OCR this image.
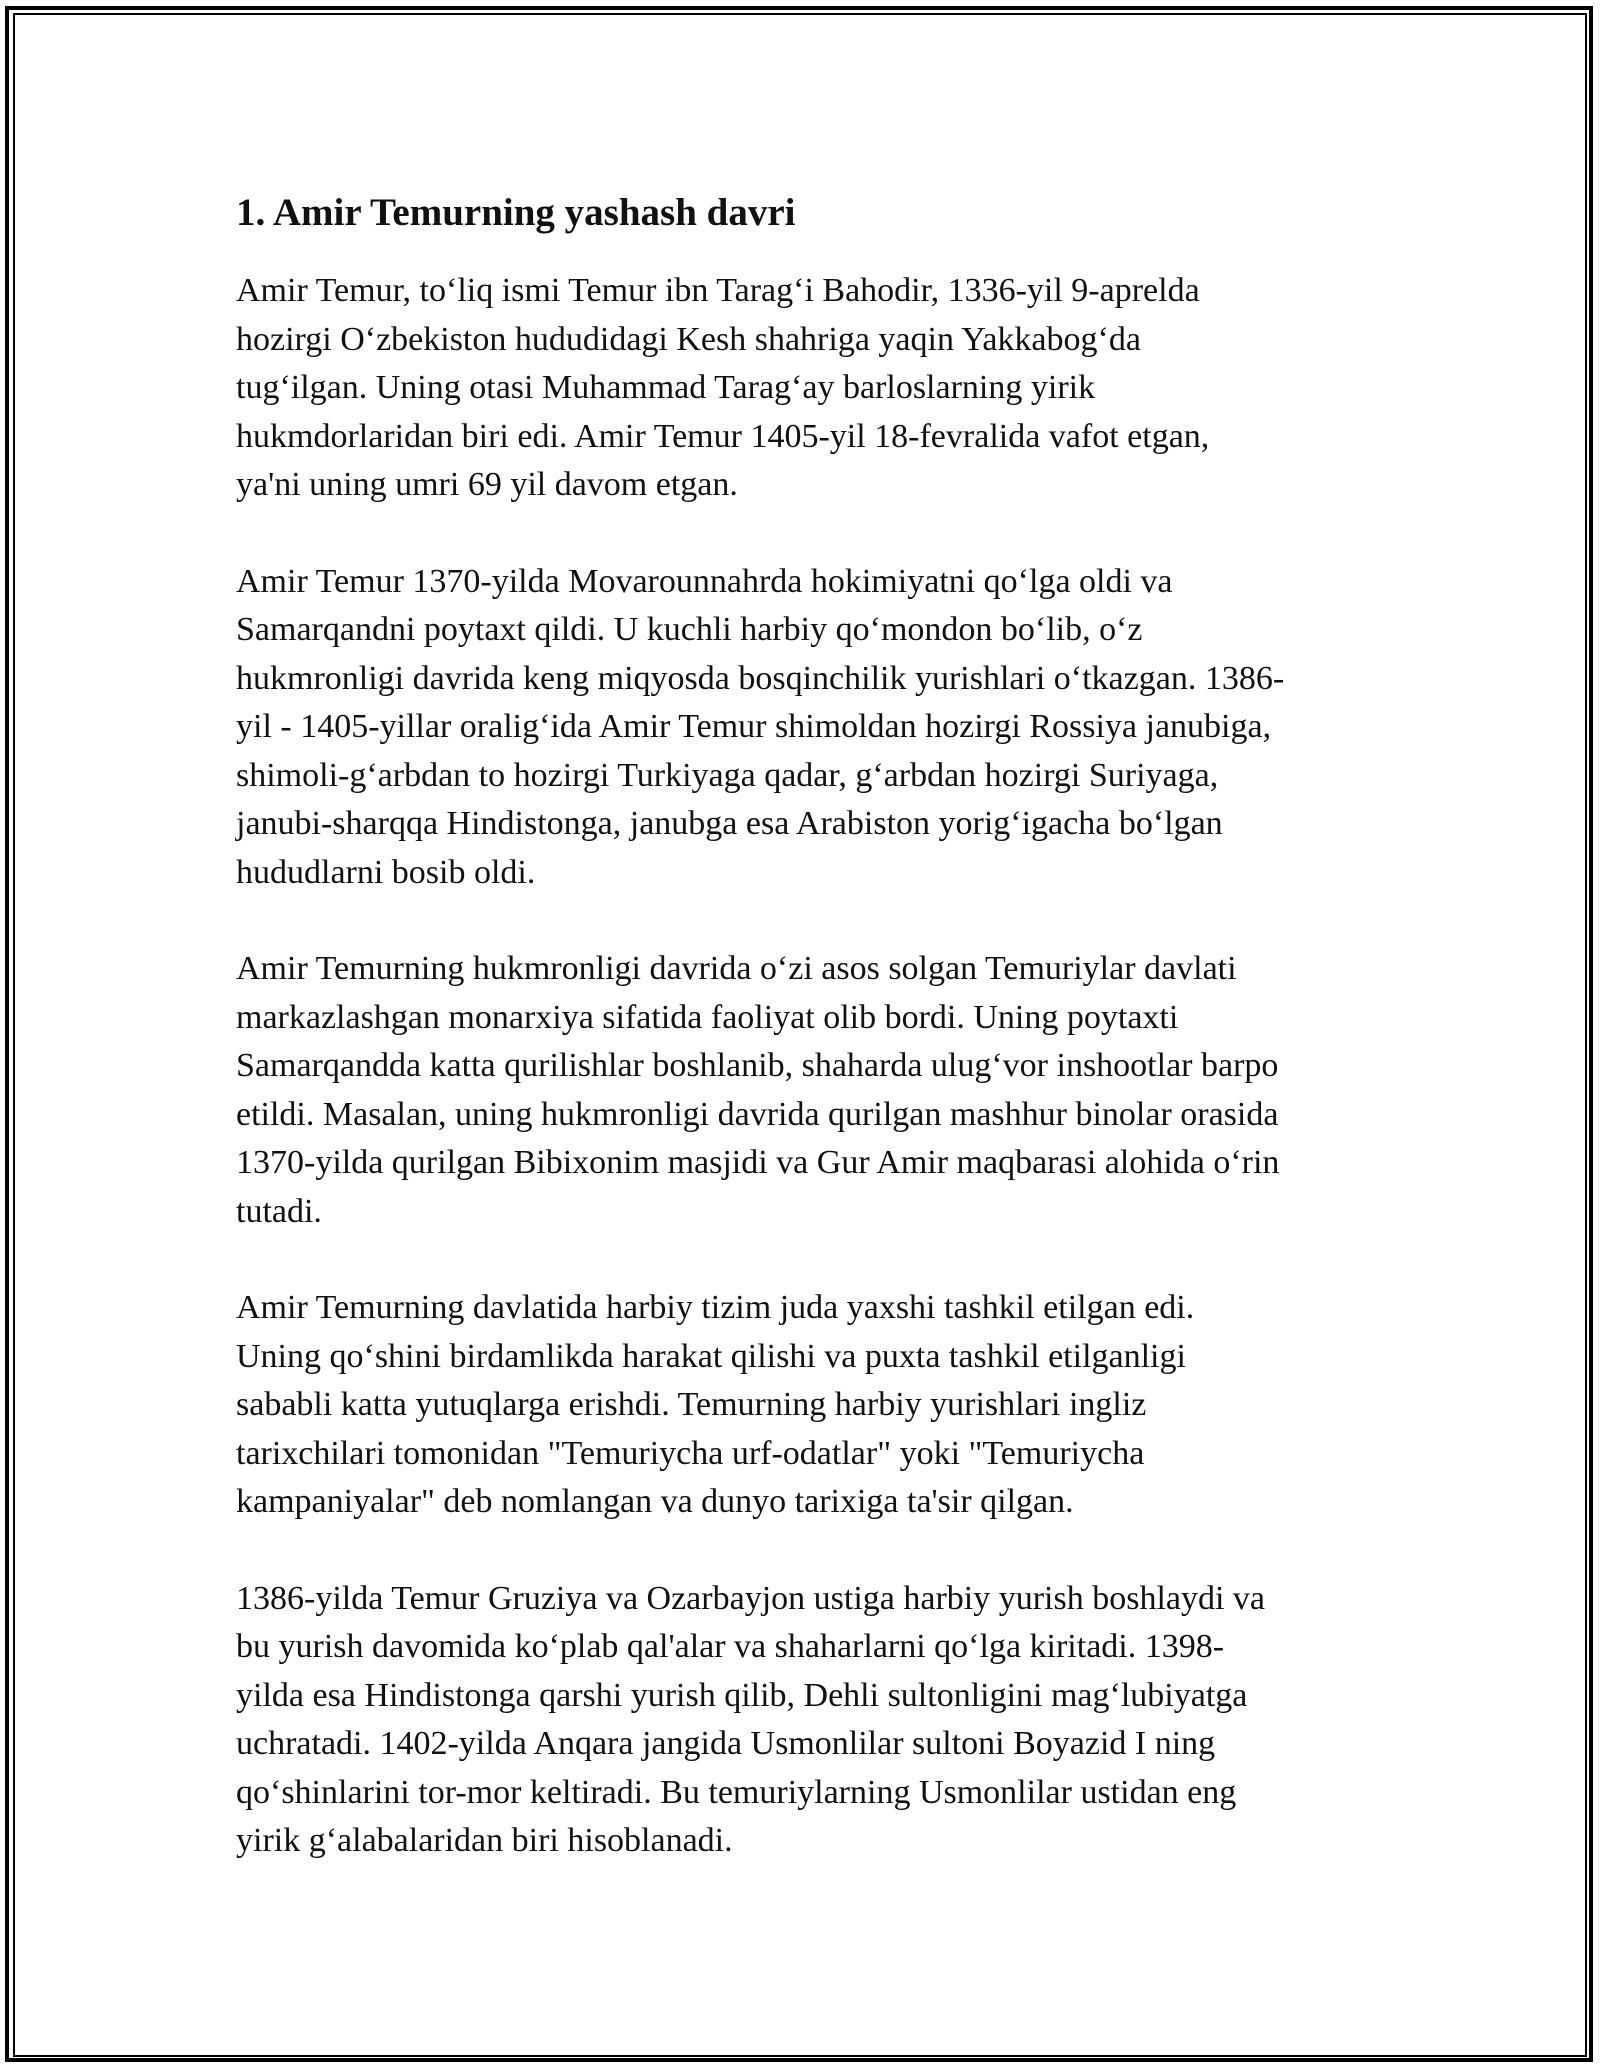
1. Amir Temurning yashash davri

Amir Temur, to‘liq ismi Temur ibn Tarag‘i Bahodir, 1336-yil 9-aprelda
hozirgi O‘zbekiston hududidagi Kesh shahriga yaqin Yakkabog‘da
tug‘ilgan. Uning otasi Muhammad Tarag‘ay barloslarning yirik
hukmdorlaridan biri edi. Amir Temur 1405-yil 18-fevralida vafot etgan,
ya'ni uning umri 69 yil davom etgan.

Amir Temur 1370-yilda Movarounnahrda hokimiyatni qo‘lga oldi va
Samarqandni poytaxt qildi. U kuchli harbiy qo‘mondon bo‘lib, o‘z
hukmronligi davrida keng miqyosda bosqinchilik yurishlari o‘tkazgan. 1386-
yil - 1405-yillar oralig‘ida Amir Temur shimoldan hozirgi Rossiya janubiga,
shimoli-g‘arbdan to hozirgi Turkiyaga qadar, g‘arbdan hozirgi Suriyaga,
janubi-sharqqa Hindistonga, janubga esa Arabiston yorig‘igacha bo‘lgan
hududlarni bosib oldi.

Amir Temurning hukmronligi davrida o‘zi asos solgan Temuriylar davlati
markazlashgan monarxiya sifatida faoliyat olib bordi. Uning poytaxti
Samarqandda katta qurilishlar boshlanib, shaharda ulug‘vor inshootlar barpo
etildi. Masalan, uning hukmronligi davrida qurilgan mashhur binolar orasida
1370-yilda qurilgan Bibixonim masjidi va Gur Amir maqbarasi alohida o‘rin
tutadi.

Amir Temurning davlatida harbiy tizim juda yaxshi tashkil etilgan edi.
Uning qo‘shini birdamlikda harakat qilishi va puxta tashkil etilganligi
sababli katta yutuqlarga erishdi. Temurning harbiy yurishlari ingliz
tarixchilari tomonidan "Temuriycha urf-odatlar" yoki "Temuriycha
kampaniyalar" deb nomlangan va dunyo tarixiga ta'sir qilgan.

1386-yilda Temur Gruziya va Ozarbayjon ustiga harbiy yurish boshlaydi va
bu yurish davomida ko‘plab qal'alar va shaharlarni qo‘lga kiritadi. 1398-
yilda esa Hindistonga qarshi yurish qilib, Dehli sultonligini mag‘lubiyatga
uchratadi. 1402-yilda Anqara jangida Usmonlilar sultoni Boyazid I ning
qo‘shinlarini tor-mor keltiradi. Bu temuriylarning Usmonlilar ustidan eng
yirik g‘alabalaridan biri hisoblanadi.
